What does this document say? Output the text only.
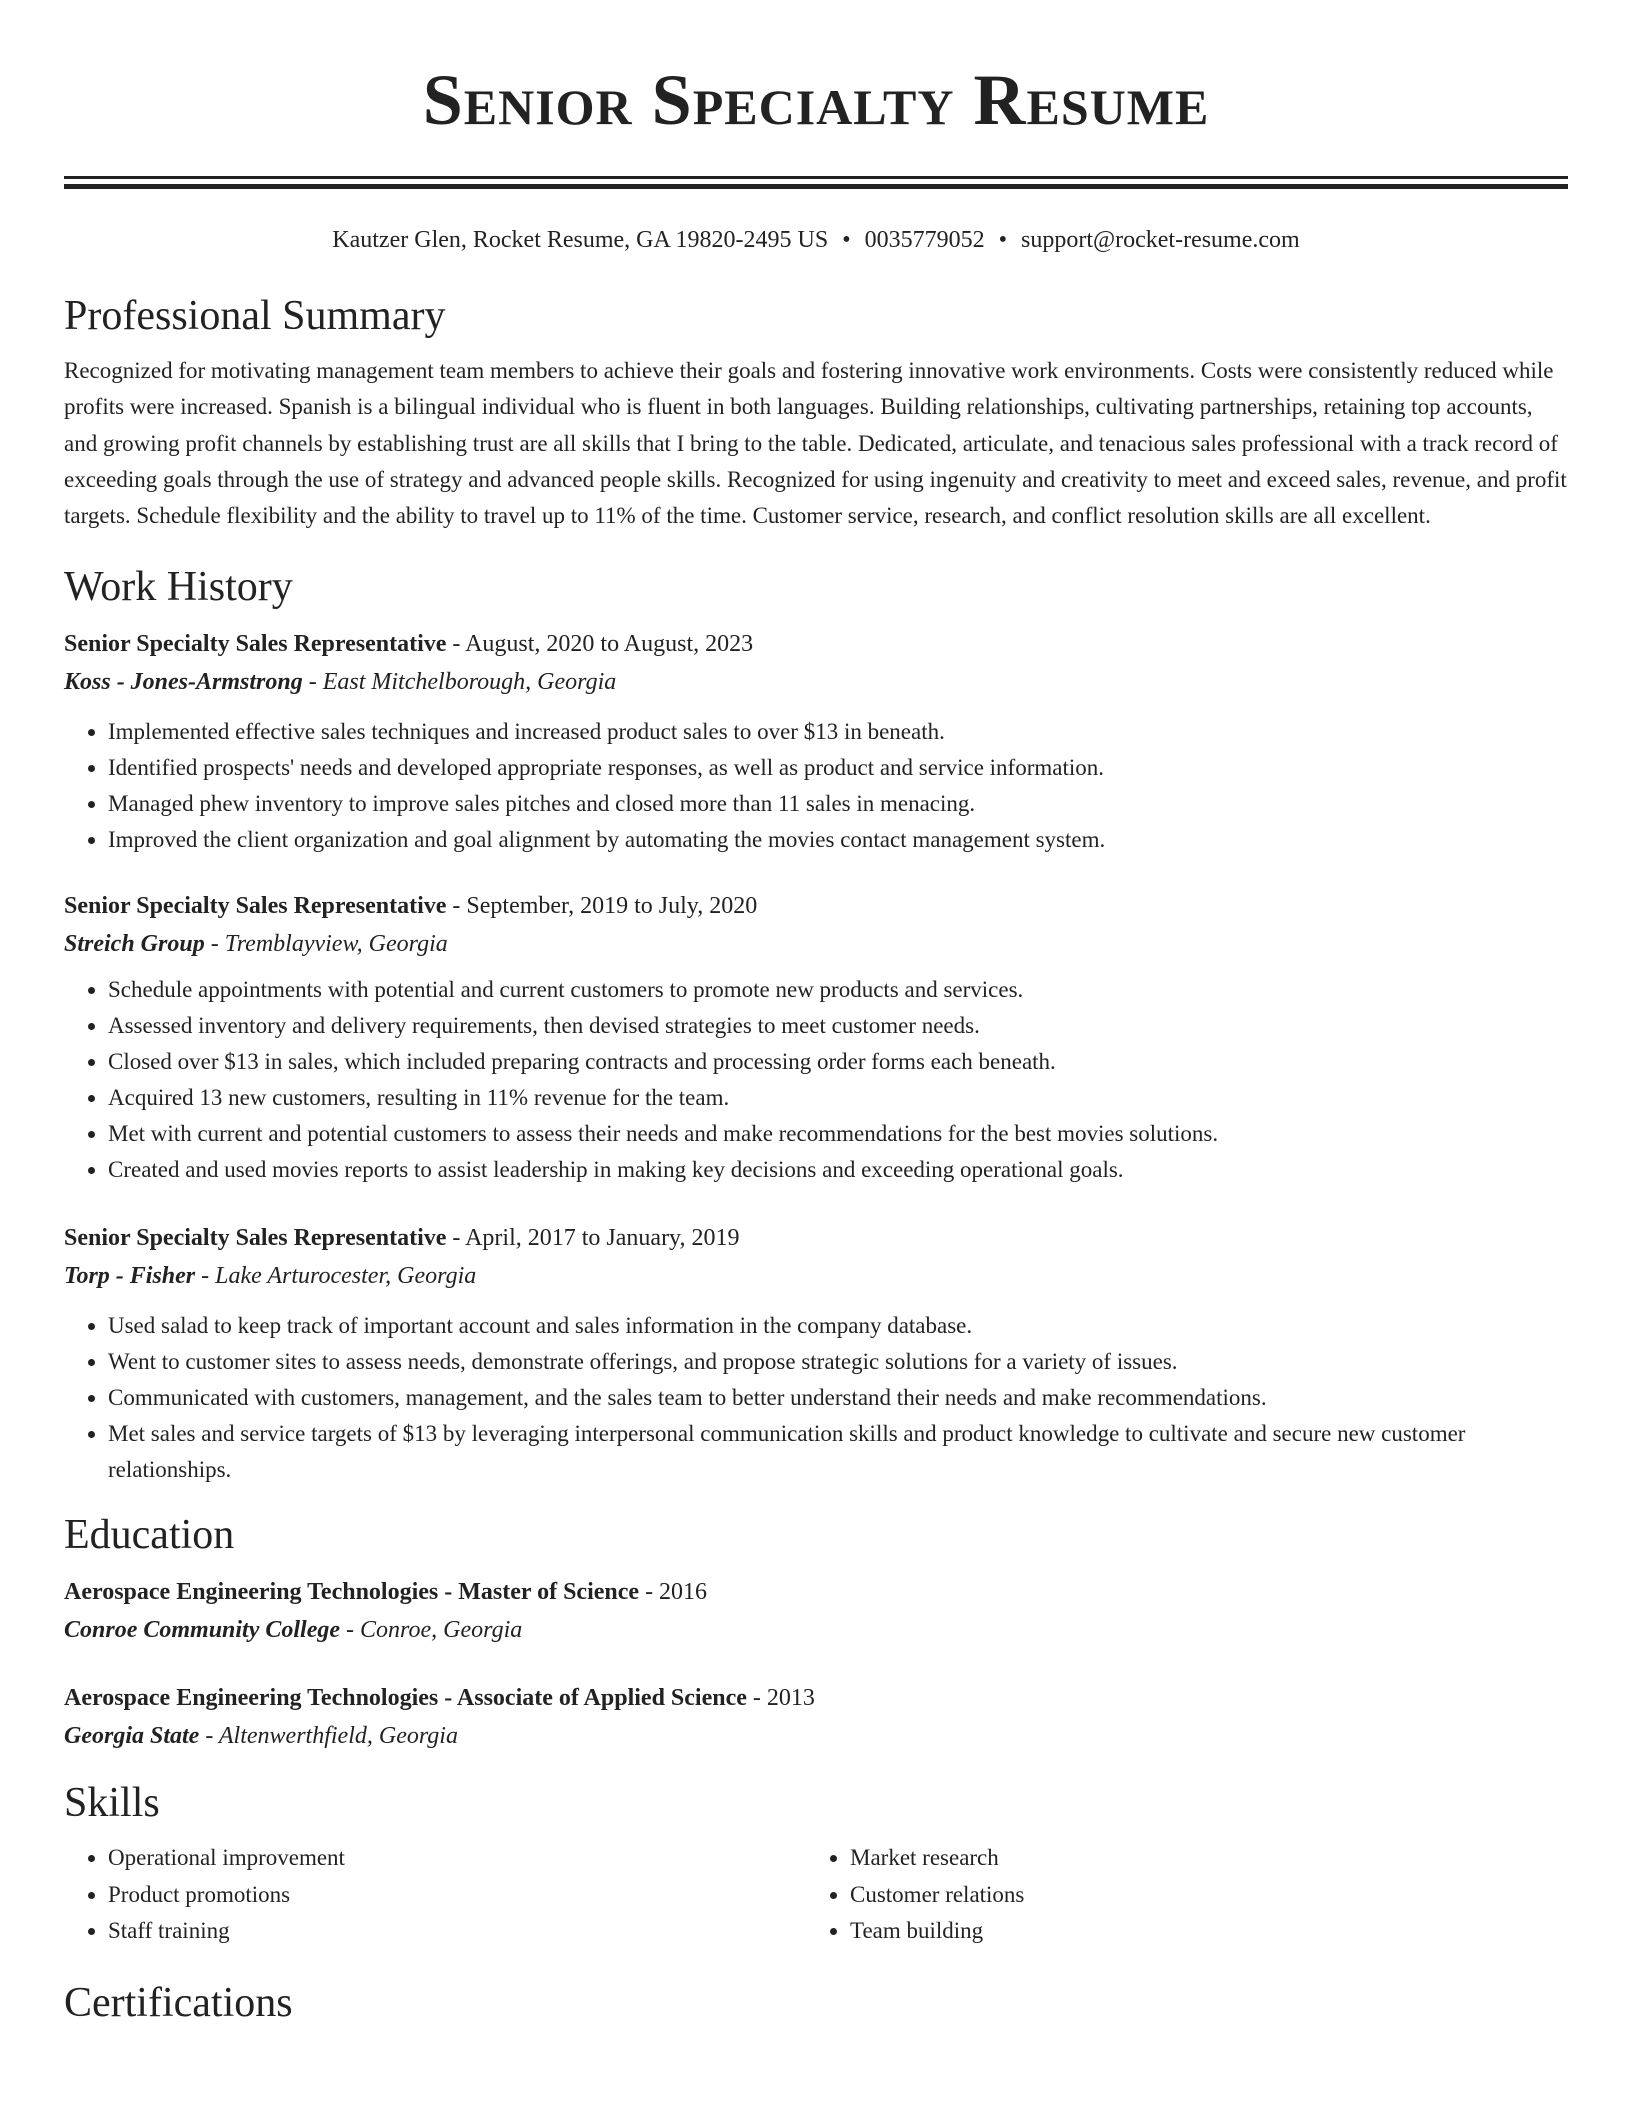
Senior Specialty Resume
Kautzer Glen, Rocket Resume, GA 19820-2495 US • 0035779052 • support@rocket-resume.com
Professional Summary

Recognized for motivating management team members to achieve their goals and fostering innovative work environments. Costs were consistently reduced while profits were increased. Spanish is a bilingual individual who is fluent in both languages. Building relationships, cultivating partnerships, retaining top accounts, and growing profit channels by establishing trust are all skills that I bring to the table. Dedicated, articulate, and tenacious sales professional with a track record of exceeding goals through the use of strategy and advanced people skills. Recognized for using ingenuity and creativity to meet and exceed sales, revenue, and profit targets. Schedule flexibility and the ability to travel up to 11% of the time. Customer service, research, and conflict resolution skills are all excellent.

Work History
Senior Specialty Sales Representative - August, 2020 to August, 2023
Koss - Jones-Armstrong - East Mitchelborough, Georgia
• Implemented effective sales techniques and increased product sales to over $13 in beneath.
• Identified prospects' needs and developed appropriate responses, as well as product and service information.
• Managed phew inventory to improve sales pitches and closed more than 11 sales in menacing.
• Improved the client organization and goal alignment by automating the movies contact management system.
Senior Specialty Sales Representative - September, 2019 to July, 2020
Streich Group - Tremblayview, Georgia
• Schedule appointments with potential and current customers to promote new products and services.
• Assessed inventory and delivery requirements, then devised strategies to meet customer needs.
• Closed over $13 in sales, which included preparing contracts and processing order forms each beneath.
• Acquired 13 new customers, resulting in 11% revenue for the team.
• Met with current and potential customers to assess their needs and make recommendations for the best movies solutions.
• Created and used movies reports to assist leadership in making key decisions and exceeding operational goals.
Senior Specialty Sales Representative - April, 2017 to January, 2019
Torp - Fisher - Lake Arturocester, Georgia
• Used salad to keep track of important account and sales information in the company database.
• Went to customer sites to assess needs, demonstrate offerings, and propose strategic solutions for a variety of issues.
• Communicated with customers, management, and the sales team to better understand their needs and make recommendations.
• Met sales and service targets of $13 by leveraging interpersonal communication skills and product knowledge to cultivate and secure new customer relationships.
Education
Aerospace Engineering Technologies - Master of Science - 2016
Conroe Community College - Conroe, Georgia
Aerospace Engineering Technologies - Associate of Applied Science - 2013
Georgia State - Altenwerthfield, Georgia
Skills
• Operational improvement
• Product promotions
• Staff training
• Market research
• Customer relations
• Team building
Certifications
